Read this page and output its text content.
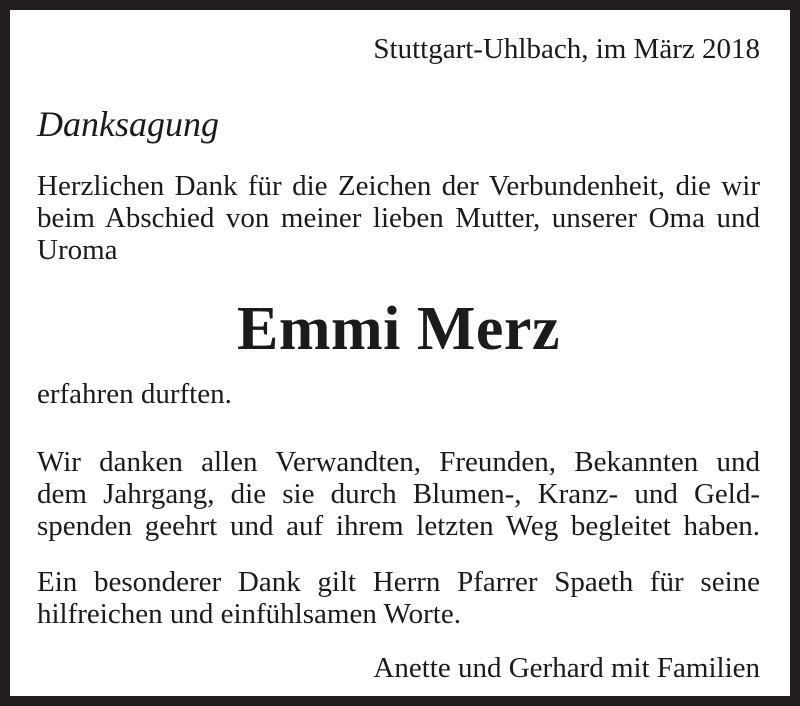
Stuttgart-Uhlbach, im März 2018
Danksagung
Herzlichen Dank für die Zeichen der Verbundenheit, die wir
beim Abschied von meiner lieben Mutter, unserer Oma und
Uroma
Emmi Merz
erfahren durften.
Wir danken allen Verwandten, Freunden, Bekannten und
dem Jahrgang, die sie durch Blumen-, Kranz- und Geld-
spenden geehrt und auf ihrem letzten Weg begleitet haben.
Ein besonderer Dank gilt Herrn Pfarrer Spaeth für seine
hilfreichen und einfühlsamen Worte.
Anette und Gerhard mit Familien
